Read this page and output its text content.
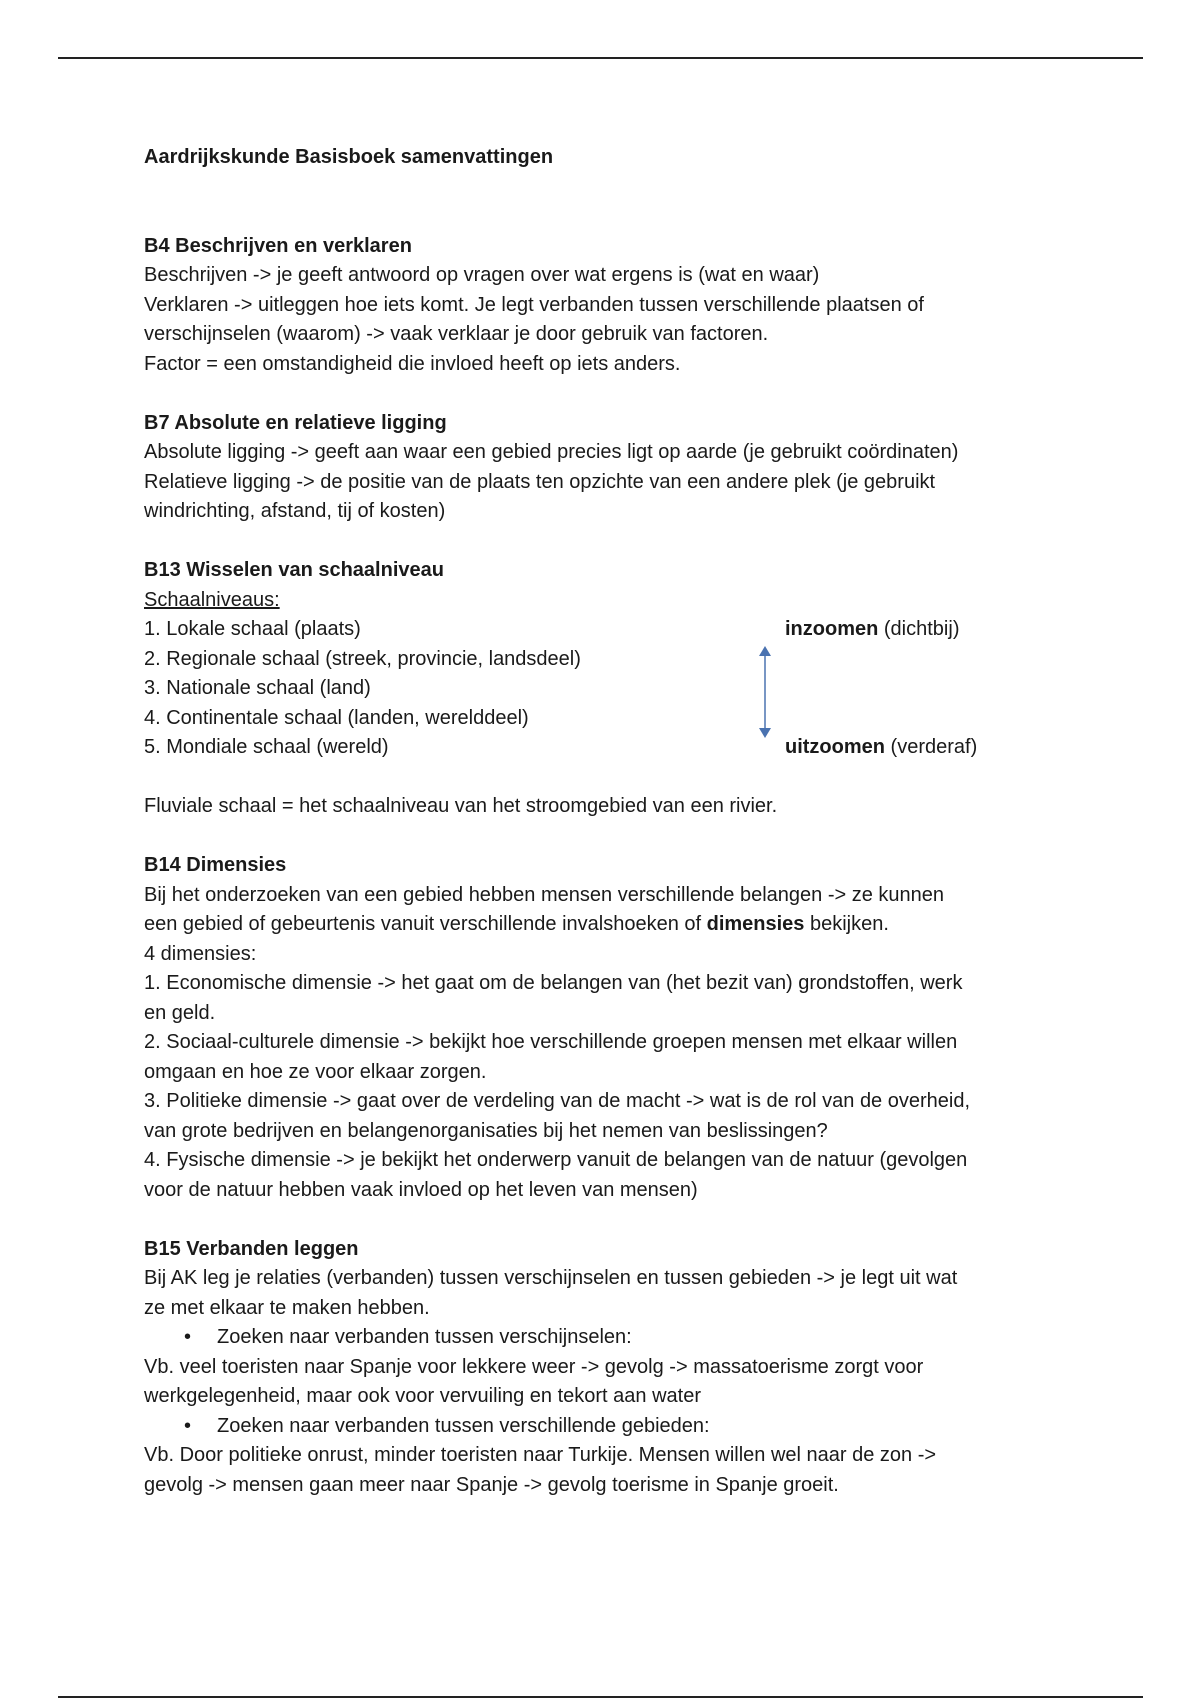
Aardrijkskunde Basisboek samenvattingen
B4 Beschrijven en verklaren
Beschrijven -> je geeft antwoord op vragen over wat ergens is (wat en waar)
Verklaren -> uitleggen hoe iets komt. Je legt verbanden tussen verschillende plaatsen of
verschijnselen (waarom) -> vaak verklaar je door gebruik van factoren.
Factor = een omstandigheid die invloed heeft op iets anders.
B7 Absolute en relatieve ligging
Absolute ligging -> geeft aan waar een gebied precies ligt op aarde (je gebruikt coördinaten)
Relatieve ligging -> de positie van de plaats ten opzichte van een andere plek (je gebruikt
windrichting, afstand, tij of kosten)
B13 Wisselen van schaalniveau
Schaalniveaus:
1. Lokale schaal (plaats)	inzoomen (dichtbij)
2. Regionale schaal (streek, provincie, landsdeel)
3. Nationale schaal (land)
4. Continentale schaal (landen, werelddeel)
5. Mondiale schaal (wereld)	uitzoomen (verderaf)
Fluviale schaal = het schaalniveau van het stroomgebied van een rivier.
B14 Dimensies
Bij het onderzoeken van een gebied hebben mensen verschillende belangen -> ze kunnen
een gebied of gebeurtenis vanuit verschillende invalshoeken of dimensies bekijken.
4 dimensies:
1. Economische dimensie -> het gaat om de belangen van (het bezit van) grondstoffen, werk
en geld.
2. Sociaal-culturele dimensie -> bekijkt hoe verschillende groepen mensen met elkaar willen
omgaan en hoe ze voor elkaar zorgen.
3. Politieke dimensie -> gaat over de verdeling van de macht -> wat is de rol van de overheid,
van grote bedrijven en belangenorganisaties bij het nemen van beslissingen?
4. Fysische dimensie -> je bekijkt het onderwerp vanuit de belangen van de natuur (gevolgen
voor de natuur hebben vaak invloed op het leven van mensen)
B15 Verbanden leggen
Bij AK leg je relaties (verbanden) tussen verschijnselen en tussen gebieden -> je legt uit wat
ze met elkaar te maken hebben.
• Zoeken naar verbanden tussen verschijnselen:
Vb. veel toeristen naar Spanje voor lekkere weer -> gevolg -> massatoerisme zorgt voor
werkgelegenheid, maar ook voor vervuiling en tekort aan water
• Zoeken naar verbanden tussen verschillende gebieden:
Vb. Door politieke onrust, minder toeristen naar Turkije. Mensen willen wel naar de zon ->
gevolg -> mensen gaan meer naar Spanje -> gevolg toerisme in Spanje groeit.
